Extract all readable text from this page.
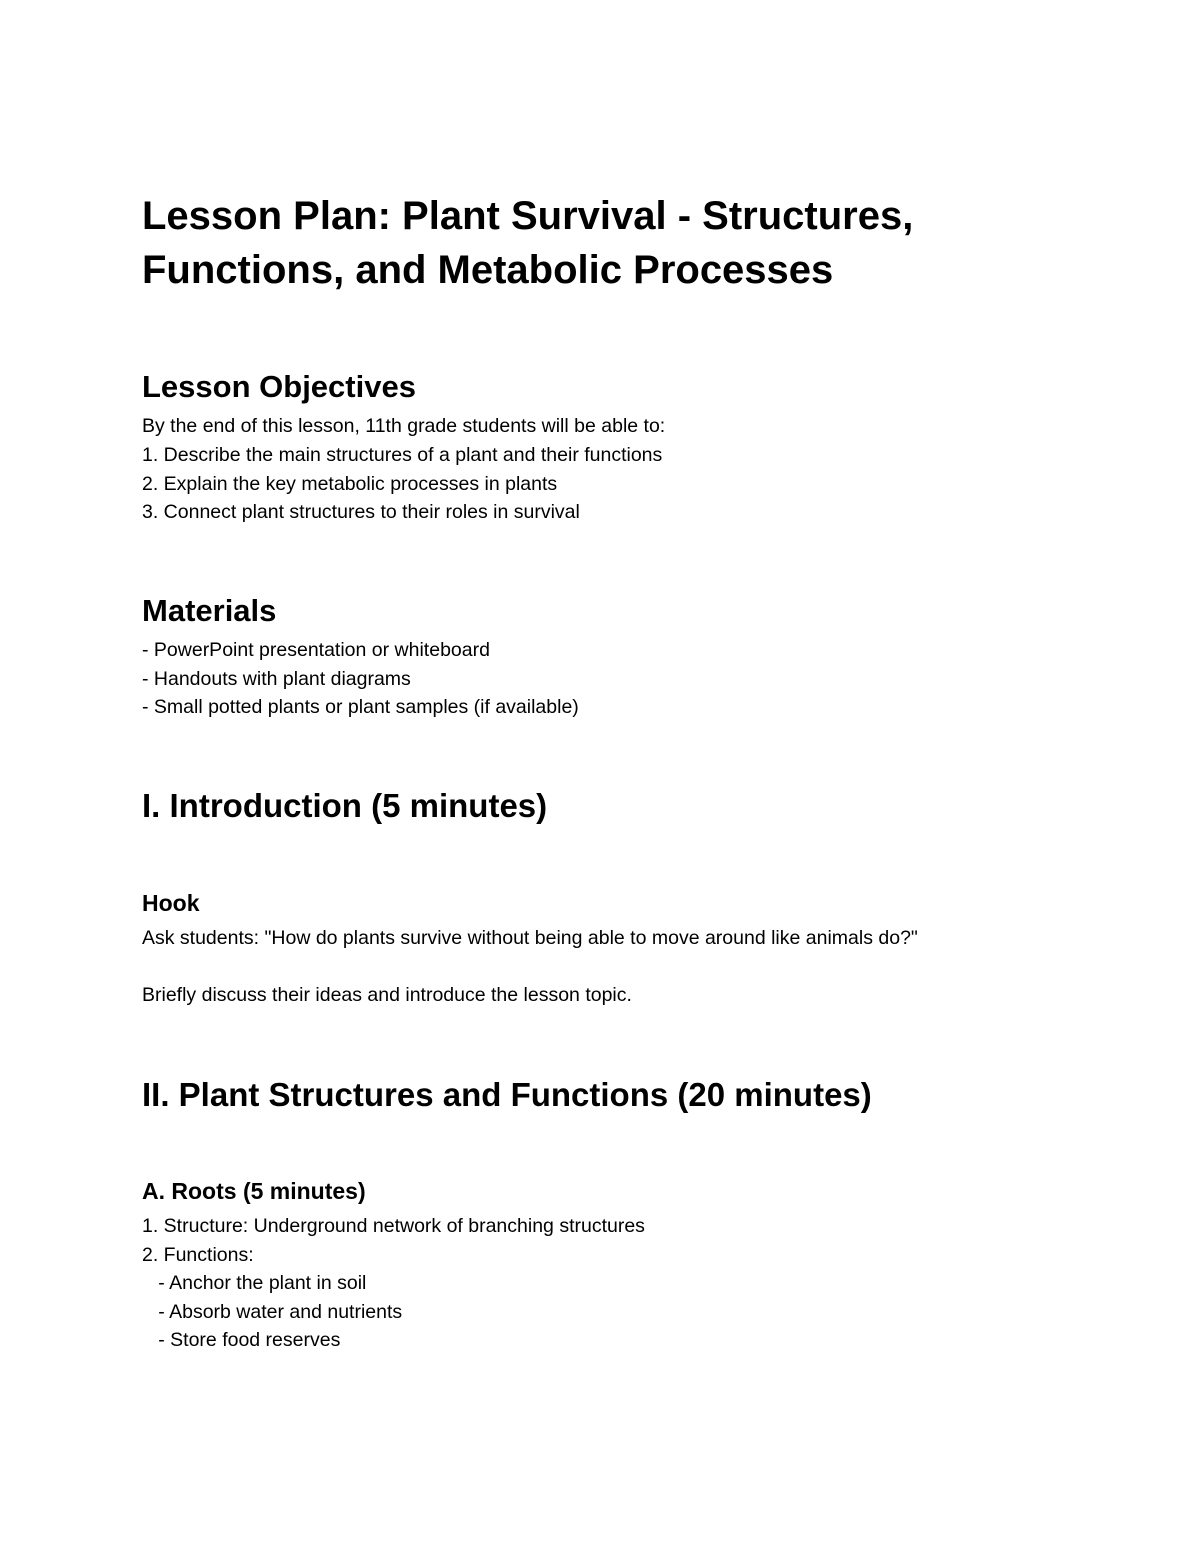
Lesson Plan: Plant Survival - Structures, Functions, and Metabolic Processes
Lesson Objectives

By the end of this lesson, 11th grade students will be able to:

1. Describe the main structures of a plant and their functions
2. Explain the key metabolic processes in plants
3. Connect plant structures to their roles in survival
Materials
- PowerPoint presentation or whiteboard
- Handouts with plant diagrams
- Small potted plants or plant samples (if available)
I. Introduction (5 minutes)
Hook

Ask students: "How do plants survive without being able to move around like animals do?"

Briefly discuss their ideas and introduce the lesson topic.

II. Plant Structures and Functions (20 minutes)
A. Roots (5 minutes)
1. Structure: Underground network of branching structures
2. Functions:
- Anchor the plant in soil
- Absorb water and nutrients
- Store food reserves
